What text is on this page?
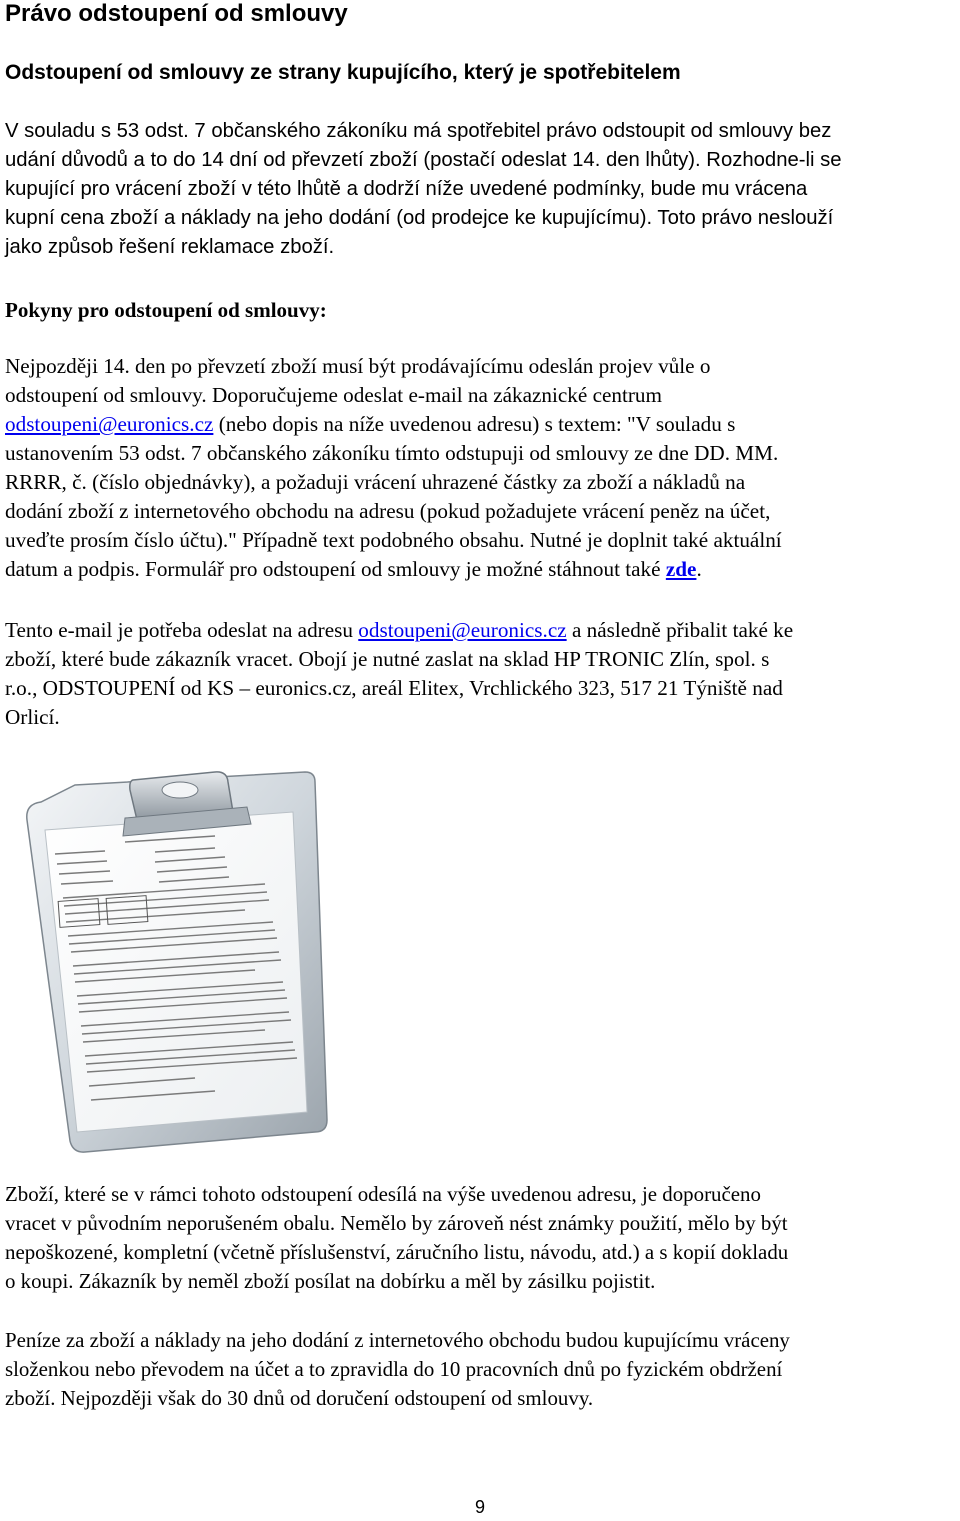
Právo odstoupení od smlouvy
Odstoupení od smlouvy ze strany kupujícího, který je spotřebitelem
V souladu s 53 odst. 7 občanského zákoníku má spotřebitel právo odstoupit od smlouvy bez
udání důvodů a to do 14 dní od převzetí zboží (postačí odeslat 14. den lhůty). Rozhodne-li se
kupující pro vrácení zboží v této lhůtě a dodrží níže uvedené podmínky, bude mu vrácena
kupní cena zboží a náklady na jeho dodání (od prodejce ke kupujícímu). Toto právo neslouží
jako způsob řešení reklamace zboží.
Pokyny pro odstoupení od smlouvy:
Nejpozději 14. den po převzetí zboží musí být prodávajícímu odeslán projev vůle o
odstoupení od smlouvy. Doporučujeme odeslat e-mail na zákaznické centrum
odstoupeni@euronics.cz (nebo dopis na níže uvedenou adresu) s textem: "V souladu s
ustanovením 53 odst. 7 občanského zákoníku tímto odstupuji od smlouvy ze dne DD. MM.
RRRR, č. (číslo objednávky), a požaduji vrácení uhrazené částky za zboží a nákladů na
dodání zboží z internetového obchodu na adresu (pokud požadujete vrácení peněz na účet,
uveďte prosím číslo účtu)." Případně text podobného obsahu. Nutné je doplnit také aktuální
datum a podpis. Formulář pro odstoupení od smlouvy je možné stáhnout také zde.
Tento e-mail je potřeba odeslat na adresu odstoupeni@euronics.cz a následně přibalit také ke
zboží, které bude zákazník vracet. Obojí je nutné zaslat na sklad HP TRONIC Zlín, spol. s
r.o., ODSTOUPENÍ od KS – euronics.cz, areál Elitex, Vrchlického 323, 517 21 Týniště nad
Orlicí.
Zboží, které se v rámci tohoto odstoupení odesílá na výše uvedenou adresu, je doporučeno
vracet v původním neporušeném obalu. Nemělo by zároveň nést známky použití, mělo by být
nepoškozené, kompletní (včetně příslušenství, záručního listu, návodu, atd.) a s kopií dokladu
o koupi. Zákazník by neměl zboží posílat na dobírku a měl by zásilku pojistit.
Peníze za zboží a náklady na jeho dodání z internetového obchodu budou kupujícímu vráceny
složenkou nebo převodem na účet a to zpravidla do 10 pracovních dnů po fyzickém obdržení
zboží. Nejpozději však do 30 dnů od doručení odstoupení od smlouvy.
9
